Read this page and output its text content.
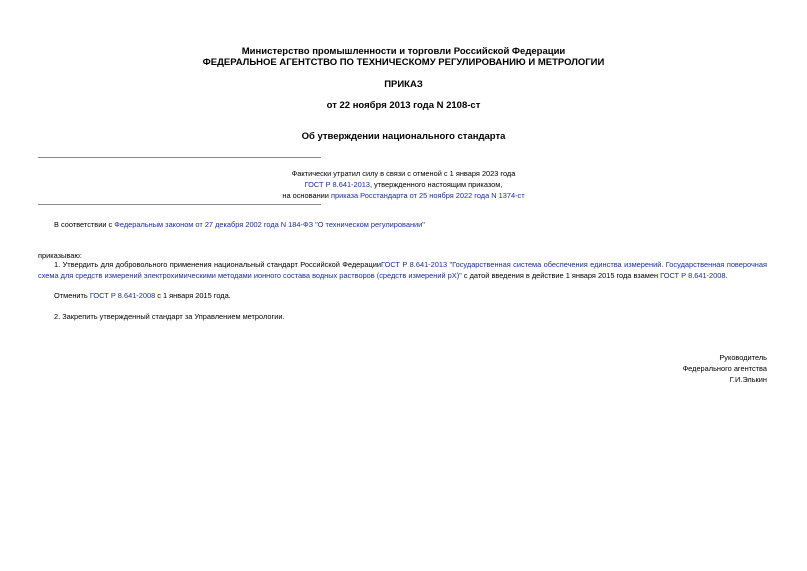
Министерство промышленности и торговли Российской Федерации
ФЕДЕРАЛЬНОЕ АГЕНТСТВО ПО ТЕХНИЧЕСКОМУ РЕГУЛИРОВАНИЮ И МЕТРОЛОГИИ
ПРИКАЗ
от 22 ноября 2013 года N 2108-ст
Об утверждении национального стандарта
Фактически утратил силу в связи с отменой с 1 января 2023 года
ГОСТ Р 8.641-2013, утвержденного настоящим приказом,
на основании приказа Росстандарта от 25 ноября 2022 года N 1374-ст
В соответствии с Федеральным законом от 27 декабря 2002 года N 184-ФЗ "О техническом регулировании"
приказываю:
1. Утвердить для добровольного применения национальный стандарт Российской ФедерацииГОСТ Р 8.641-2013 "Государственная система обеспечения единства измерений. Государственная поверочная схема для средств измерений электрохимическими методами ионного состава водных растворов (средств измерений pX)" с датой введения в действие 1 января 2015 года взамен ГОСТ Р 8.641-2008.
Отменить ГОСТ Р 8.641-2008 с 1 января 2015 года.
2. Закрепить утвержденный стандарт за Управлением метрологии.
Руководитель
Федерального агентства
Г.И.Элькин
